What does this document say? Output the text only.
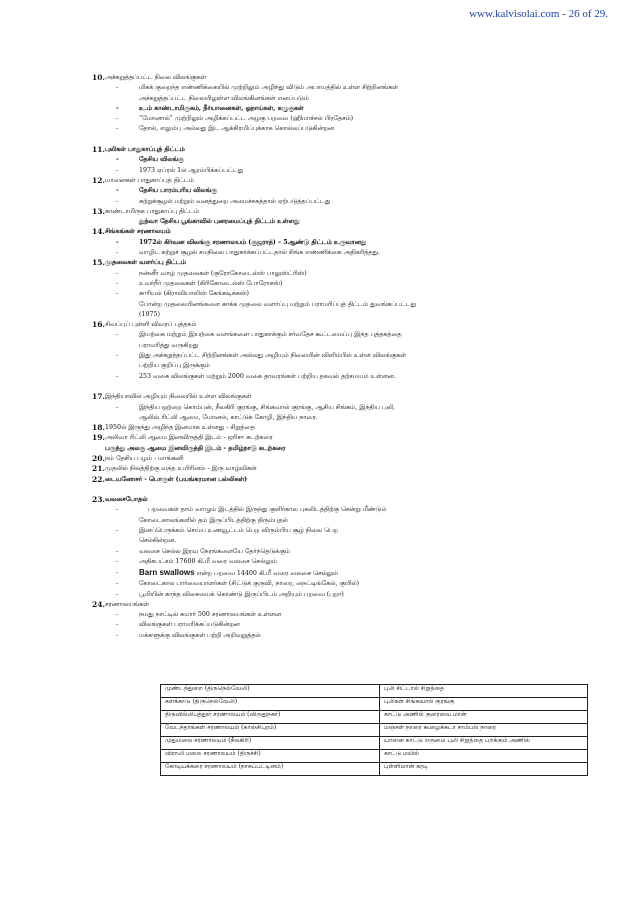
www.kalvisolai.com - 26 of 29.
10. அச்சுறுத்தப்பட்ட நிலை விலங்குகள்
-	மிகக் குறைந்த எண்ணிக்கையில் முற்றிலும் அழிந்து விடும் அபாயத்தில் உள்ள சிற்றினங்கள்
அச்சுறுத்தப்பட்ட நிலையிலுள்ள விலங்கினங்கள் எனப்படும்
-	உ.ம் காண்டாமிருகம், நீர்யானைகள், ஓநாய்கள், கழுகுகள்
-	“மோனால்” முற்றிலும் அழிக்கப்பட்ட அழகு பறவை (ஹிமாச்சல் பிரதேசம்)
-	தோல், எலும்பு அல்லது இட ஆக்கிரமிப்புக்காக கொல்லப்படுகின்றன
11. புலிகள் பாதுகாப்புத் திட்டம்
-	தேசிய விலங்கு
-	1973 ஏப்ரல் 1ல் ஆரம்பிக்கப்பட்டது
12. யானைகள் பாதுகாப்புத் திட்டம்
-	தேசிய பாரம்பரிய விலங்கு
-	சுற்றுச்சூழல் மற்றும் வனத்துறை அமைச்சகத்தால் ஏற்படுத்தப்பட்டது
13. காண்டாமிருக பாதுகாப்பு திட்டம்
துத்வா தேசிய பூங்காவில் புனரமைப்புத் திட்டம் உள்ளது
14. சிங்கங்கள் சரணாலயம்
-	1972ல் கிர்வன விலங்கு சரணாலயம் (குஜராத்) – 5ஆண்டு திட்டம் உருவானது
-	வாழிட சுற்றுச் சூழல் சமநிலை பாதுகாக்கப்பட்டதால் சிங்க எண்ணிக்கை அதிகரித்தது.
15. முதலைகள் வளர்ப்பு திட்டம்
-	நன்னீர் வாழ் முதலைகள் (குரோகோடைல்ஸ் பாலுஸ்ட்ரிஸ்)
-	உவர்நீர் முதலைகள் (கிரிகோடைல்ஸ் போரோசஸ்)
-	காரியல் (கிராவியாலிஸ் கேங்கடிக்கஸ்)
போன்ற முதலையினங்களை காக்க முதலை வளர்ப்பு மற்றும் பராமரிப்புத் திட்டம் துவங்கப்பட்டது
(1975)
16. சிவப்புப் புள்ளி விவரப் புத்தகம்
-	இயற்கை மற்றும் இயற்கை வளங்களை பாதுகாக்கும் சர்வதேச கூட்டமைப்பு இந்த புத்தகத்தை
பராமரித்து வருகிறது
-	இது அச்சுறுத்தப்பட்ட சிற்றினங்கள் அல்லது அழியும் நிலையின் விளிம்பில் உள்ள விலங்குகள்
பற்றிய குறிப்பு இருக்கும்
-	253 வகை விலங்குகள் மற்றும் 2000 வகை தாவரங்கள் பற்றிய தகவல் தற்சமயம் உள்ளன.
17. இந்தியாவில் அழியும் நிலையில் உள்ள விலங்குகள்
-	இந்திய ஒற்றை கொம்பன், நீலகிரி குரங்கு, சிங்கவால் குரங்கு, ஆசிய சிங்கம், இந்திய புலி,
ஆலிவ் ரிட்லி ஆமை, மோனல், காட்டுக் கோழி, இந்திய நாரை.
18. 1950ல் இருந்து அழிந்த இனமாக உள்ளது - சிறுத்தை
19. அலிவா ரிட்லி ஆமை இனவிருத்தி இடம் - ஒரிசா கடற்கரை
பருந்து அலகு ஆமை இனவிருத்தி இடம் - தமிழ்நாடு கடற்கரை
20. நம் தேசிய பழம் - மாங்கனி
21. முதலில் நிலத்திற்கு வந்த உயிரினம் - இரு வாழ்விகள்
22. டையனோசர் - பொருள் (பயங்கரமான பல்லிகள்)
23. வலசைபோதல்
-	பறவைகள் தாம் வாழும் இடத்தில் இருந்து குளிர்கால புகலிடத்திற்கு சென்று மீண்டும்
கோடைகாலங்களில் தம் இருப்பிடத்திற்கு திரும்புதல்
-	இனப்பெருக்கம் செய்ய உணவூட்டம் பெற விரும்பிய சூழ் நிலை பெற
செல்கின்றன.
-	வலசை செல்ல இரவு நேரங்களையே தேர்ந்தெடுக்கும்
-	அதிகபட்சம் 17600 கி.மீ வரை வலசை செல்லும்
-	Barn swallows என்ற பறவை 14400 கி.மீ வரை வலசை செல்லும்
-	கோடைகால பார்வையாளர்கள் (சிட்டுக் குருவி, நாரை, நைட்டிங்கேல், குயில்)
-	பூமியின் காந்த விசையைக் கொண்டு இருப்பிடம் அறியும் பறவை (புறா)
24. சரணாலயங்கள்
-	நமது நாட்டில் சுமார் 500 சரணாலயங்கள் உள்ளன
-	விலங்குகள் பராமரிக்கப்படுகின்றன
-	மக்களுக்கு விலங்குகள் பற்றி அறிவுறுத்தல்
முண்டந்துறை (திருநெல்வேலி)	புலி சிட்டால் சிறுத்தை
களக்காடு (திருநெல்வேலி)	புலிகள் சிங்கவால் குரங்கு
திருவில்லிபுத்தூர் சரணாலயம் (விருதுநகர்)	காட்டு அணில் குரைவை மான்
வேடந்தாங்கள் சரணாலயம் (காஞ்சிபுரம்)	மஞ்சள் நாரை கூழைக்கடா சாம்பல் நாரை
முதுமலை சரணாலயம் (நீலகிரி)	யானை காட்டு எருமை புலி சிறுத்தை பறக்கும் அணில்
விராலி மலை சரணாலயம் (திருச்சி)	காட்டு மயில்
கோடியக்கரை சரணாலயம் (நாகப்பட்டினம்)	புள்ளிமான் கரடி
